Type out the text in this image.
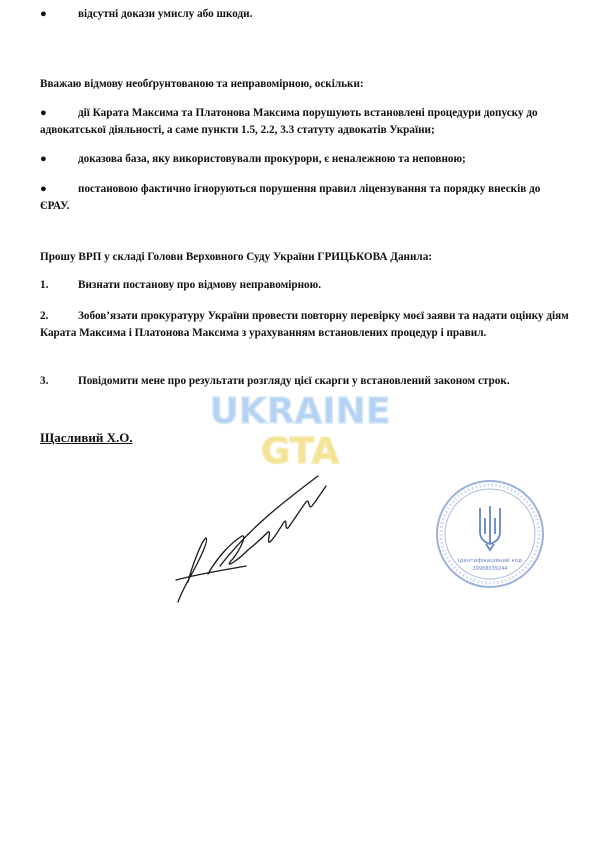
●	відсутні докази умислу або шкоди.

Вважаю відмову необґрунтованою та неправомірною, оскільки:

●	дії Карата Максима та Платонова Максима порушують встановлені процедури допуску до адвокатської діяльності, а саме пункти 1.5, 2.2, 3.3 статуту адвокатів України;
●	доказова база, яку використовували прокурори, є неналежною та неповною;
●	постановою фактично ігноруються порушення правил ліцензування та порядку внесків до ЄРАУ.

Прошу ВРП у складі Голови Верховного Суду України ГРИЦЬКОВА Данила:

1.	Визнати постанову про відмову неправомірною.
2.	Зобов’язати прокуратуру України провести повторну перевірку моєї заяви та надати оцінку діям Карата Максима і Платонова Максима з урахуванням встановлених процедур і правил.
3.	Повідомити мене про результати розгляду цієї скарги у встановлений законом строк.
Щасливий Х.О.
UKRAINE
GTA
Ідентифікаційний код
39988039244
